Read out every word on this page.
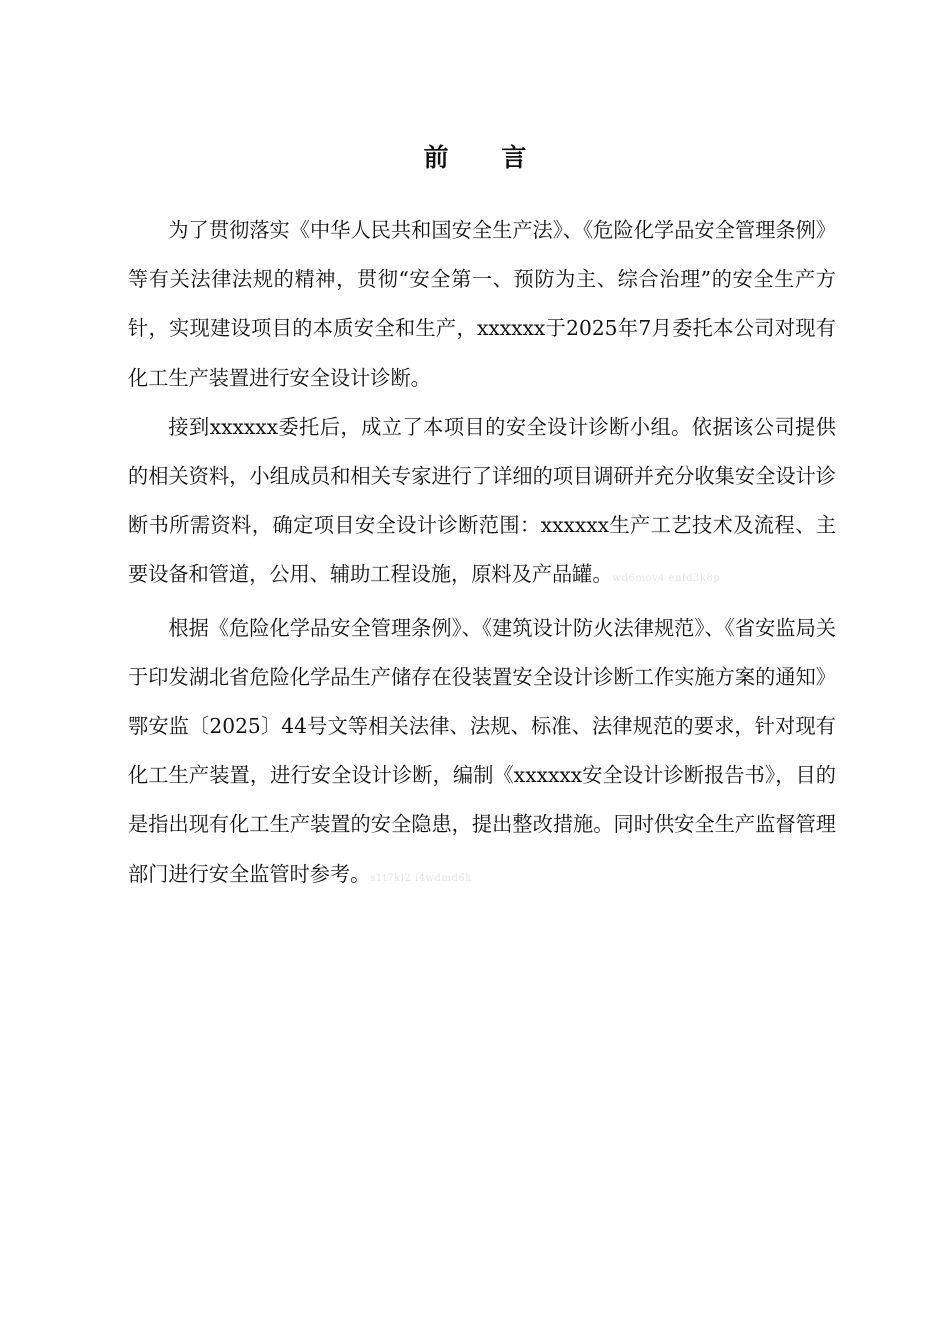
前 言

为了贯彻落实《中华人民共和国安全生产法》、《危险化学品安全管理条例》等有关法律法规的精神，贯彻“安全第一、预防为主、综合治理”的安全生产方针，实现建设项目的本质安全和生产，xxxxxx于2025年7月委托本公司对现有化工生产装置进行安全设计诊断。

接到xxxxxx委托后，成立了本项目的安全设计诊断小组。依据该公司提供的相关资料，小组成员和相关专家进行了详细的项目调研并充分收集安全设计诊断书所需资料，确定项目安全设计诊断范围：xxxxxx生产工艺技术及流程、主要设备和管道，公用、辅助工程设施，原料及产品罐。wd6mov4 enfd3k8p

根据《危险化学品安全管理条例》、《建筑设计防火法律规范》、《省安监局关于印发湖北省危险化学品生产储存在役装置安全设计诊断工作实施方案的通知》鄂安监〔2025〕44号文等相关法律、法规、标准、法律规范的要求，针对现有化工生产装置，进行安全设计诊断，编制《xxxxxx安全设计诊断报告书》，目的是指出现有化工生产装置的安全隐患，提出整改措施。同时供安全生产监督管理部门进行安全监管时参考。s1t7kl2 i4wdmd6k
